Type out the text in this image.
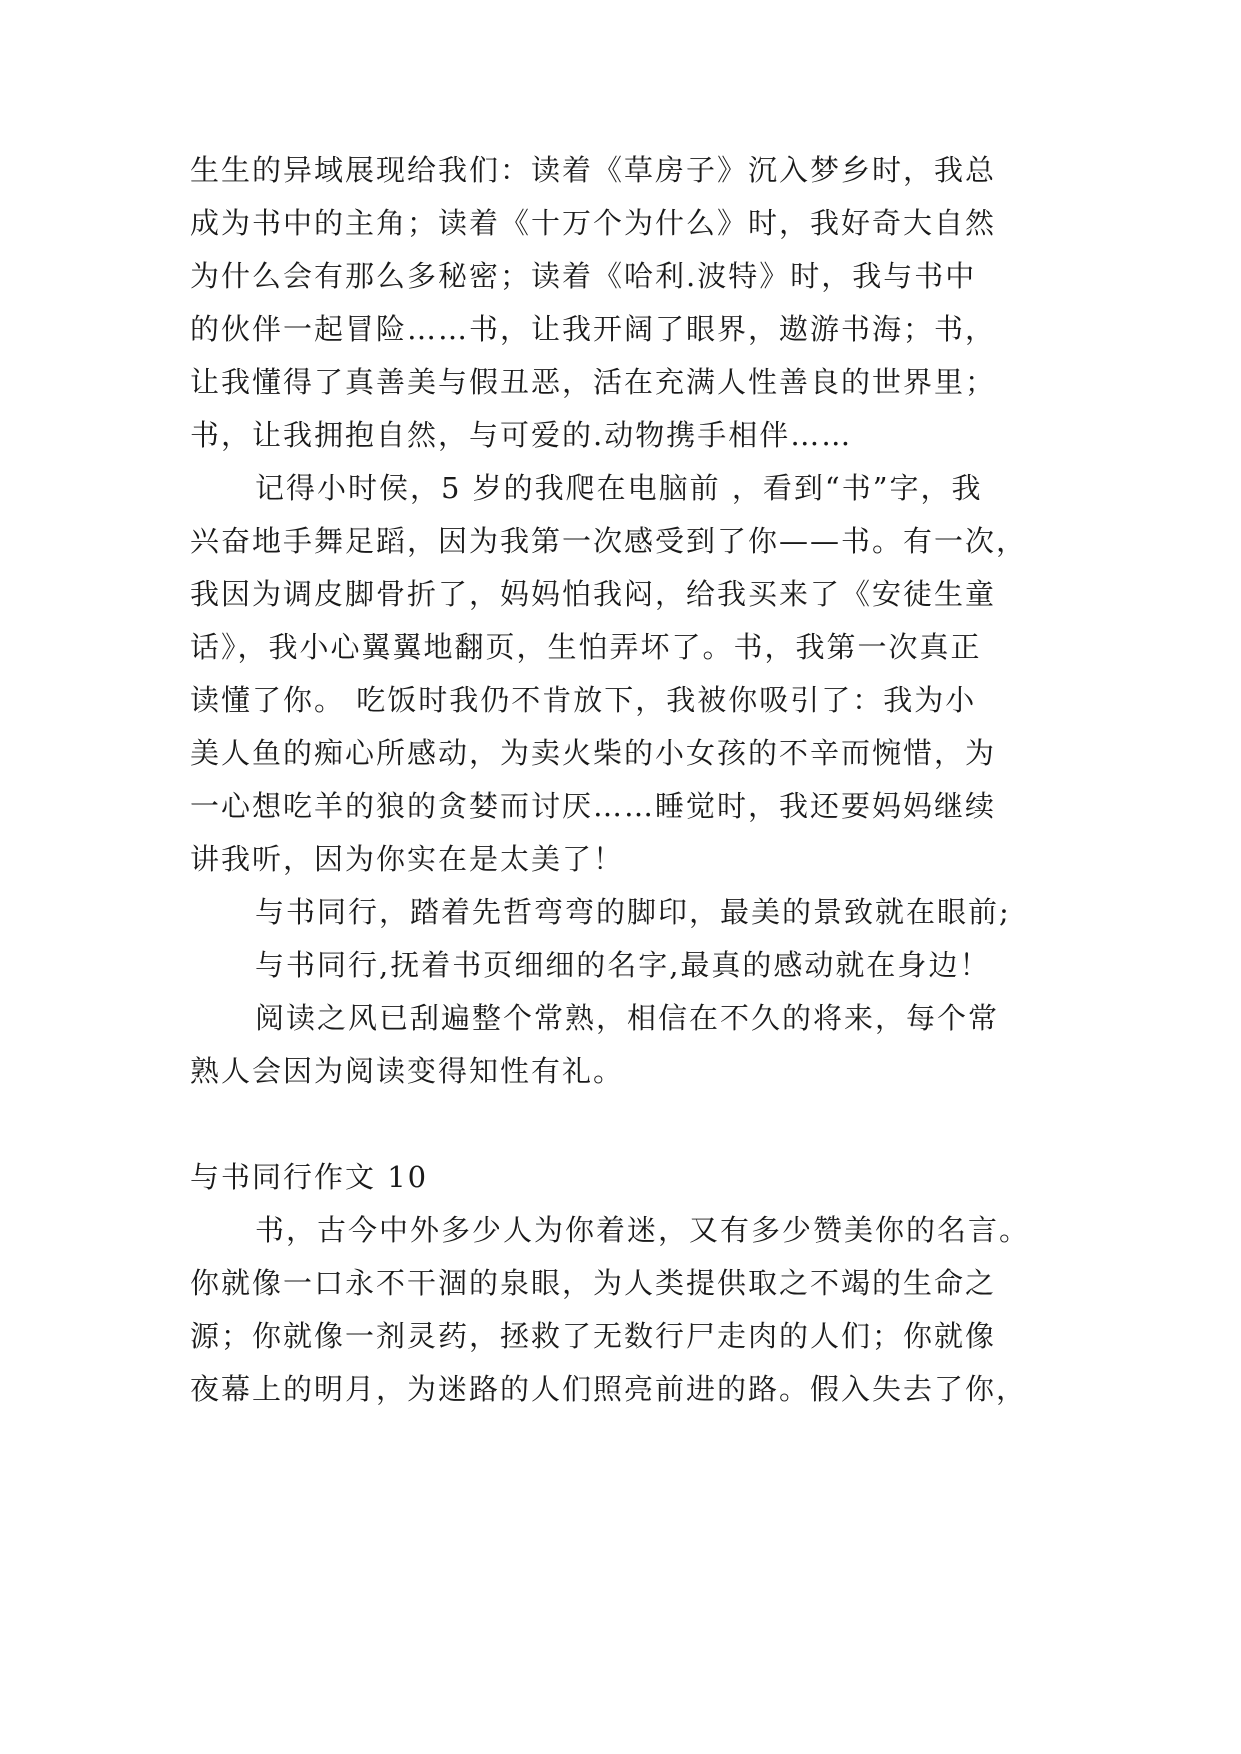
生生的异域展现给我们：读着《草房子》沉入梦乡时，我总
成为书中的主角；读着《十万个为什么》时，我好奇大自然
为什么会有那么多秘密；读着《哈利.波特》时，我与书中
的伙伴一起冒险……书，让我开阔了眼界，遨游书海；书，
让我懂得了真善美与假丑恶，活在充满人性善良的世界里；
书，让我拥抱自然，与可爱的.动物携手相伴……
记得小时侯，5 岁的我爬在电脑前 ，看到“书”字，我
兴奋地手舞足蹈，因为我第一次感受到了你——书。有一次，
我因为调皮脚骨折了，妈妈怕我闷，给我买来了《安徒生童
话》，我小心翼翼地翻页，生怕弄坏了。书，我第一次真正
读懂了你。 吃饭时我仍不肯放下，我被你吸引了：我为小
美人鱼的痴心所感动，为卖火柴的小女孩的不辛而惋惜，为
一心想吃羊的狼的贪婪而讨厌……睡觉时，我还要妈妈继续
讲我听，因为你实在是太美了！
与书同行，踏着先哲弯弯的脚印，最美的景致就在眼前;
与书同行,抚着书页细细的名字,最真的感动就在身边！
阅读之风已刮遍整个常熟，相信在不久的将来，每个常
熟人会因为阅读变得知性有礼。
与书同行作文 10
书，古今中外多少人为你着迷，又有多少赞美你的名言。
你就像一口永不干涸的泉眼，为人类提供取之不竭的生命之
源；你就像一剂灵药，拯救了无数行尸走肉的人们；你就像
夜幕上的明月，为迷路的人们照亮前进的路。假入失去了你，
